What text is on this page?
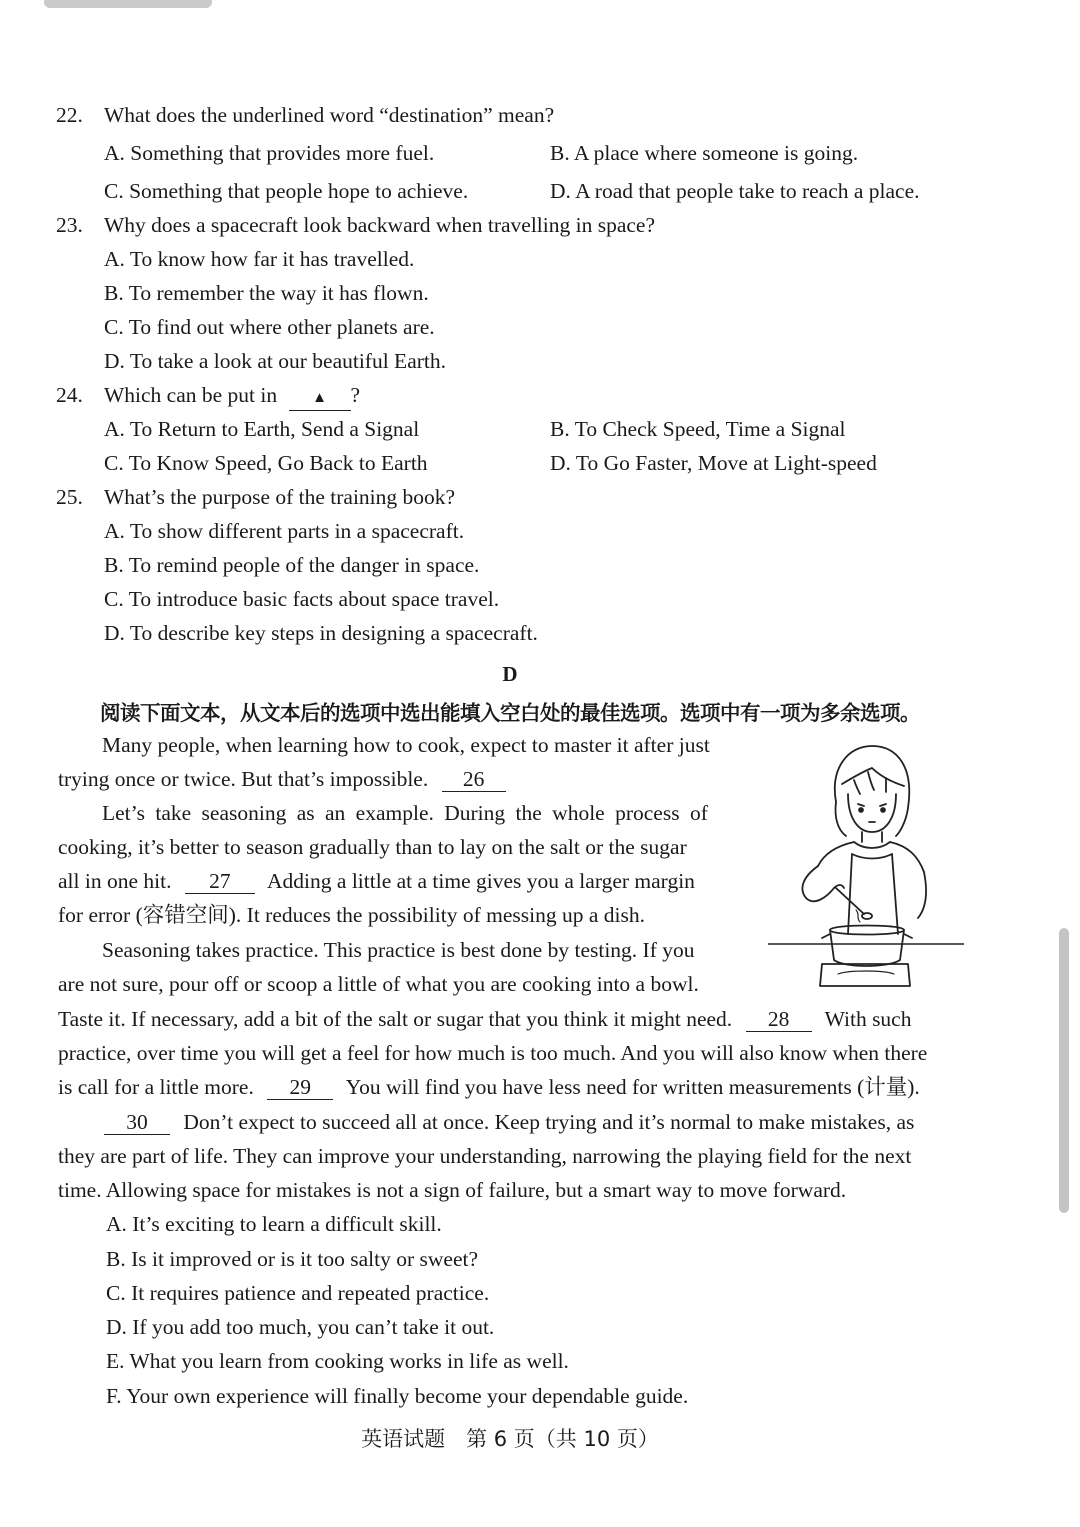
22. What does the underlined word “destination” mean?
A. Something that provides more fuel.	B. A place where someone is going.
C. Something that people hope to achieve.	D. A road that people take to reach a place.
23. Why does a spacecraft look backward when travelling in space?
A. To know how far it has travelled.
B. To remember the way it has flown.
C. To find out where other planets are.
D. To take a look at our beautiful Earth.
24. Which can be put in ▲ ?
A. To Return to Earth, Send a Signal	B. To Check Speed, Time a Signal
C. To Know Speed, Go Back to Earth	D. To Go Faster, Move at Light-speed
25. What’s the purpose of the training book?
A. To show different parts in a spacecraft.
B. To remind people of the danger in space.
C. To introduce basic facts about space travel.
D. To describe key steps in designing a spacecraft.
D
阅读下面文本，从文本后的选项中选出能填入空白处的最佳选项。选项中有一项为多余选项。
Many people, when learning how to cook, expect to master it after just
trying once or twice. But that’s impossible. 26
Let’s take seasoning as an example. During the whole process of
cooking, it’s better to season gradually than to lay on the salt or the sugar
all in one hit. 27 Adding a little at a time gives you a larger margin
for error (容错空间). It reduces the possibility of messing up a dish.
Seasoning takes practice. This practice is best done by testing. If you
are not sure, pour off or scoop a little of what you are cooking into a bowl.
Taste it. If necessary, add a bit of the salt or sugar that you think it might need. 28 With such
practice, over time you will get a feel for how much is too much. And you will also know when there
is call for a little more. 29 You will find you have less need for written measurements (计量).
30 Don’t expect to succeed all at once. Keep trying and it’s normal to make mistakes, as
they are part of life. They can improve your understanding, narrowing the playing field for the next
time. Allowing space for mistakes is not a sign of failure, but a smart way to move forward.
A. It’s exciting to learn a difficult skill.
B. Is it improved or is it too salty or sweet?
C. It requires patience and repeated practice.
D. If you add too much, you can’t take it out.
E. What you learn from cooking works in life as well.
F. Your own experience will finally become your dependable guide.
英语试题　第 6 页（共 10 页）
